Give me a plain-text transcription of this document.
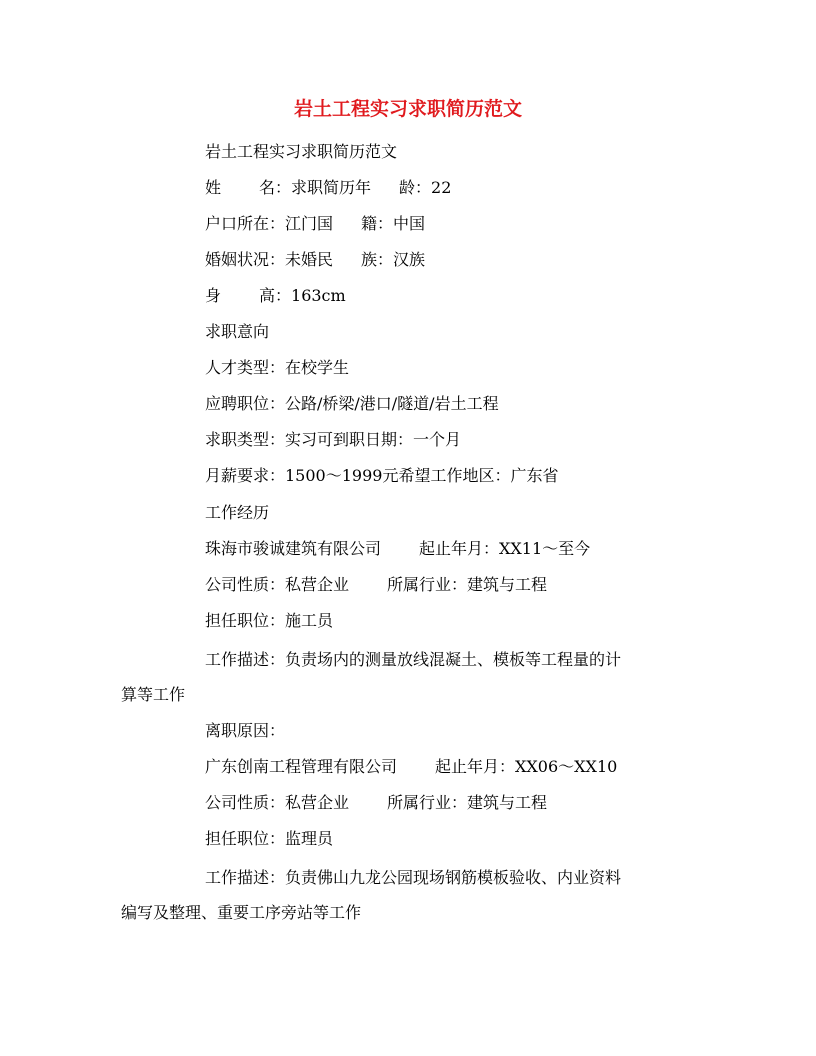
岩土工程实习求职简历范文
岩土工程实习求职简历范文
姓 名：求职简历年 龄：22
户口所在：江门国 籍：中国
婚姻状况：未婚民 族：汉族
身 高：163cm
求职意向
人才类型：在校学生
应聘职位：公路/桥梁/港口/隧道/岩土工程
求职类型：实习可到职日期：一个月
月薪要求：1500～1999元希望工作地区：广东省
工作经历
珠海市骏诚建筑有限公司 起止年月：XX11～至今
公司性质：私营企业 所属行业：建筑与工程
担任职位：施工员
工作描述：负责场内的测量放线混凝土、模板等工程量的计
算等工作
离职原因：
广东创南工程管理有限公司 起止年月：XX06～XX10
公司性质：私营企业 所属行业：建筑与工程
担任职位：监理员
工作描述：负责佛山九龙公园现场钢筋模板验收、内业资料
编写及整理、重要工序旁站等工作
